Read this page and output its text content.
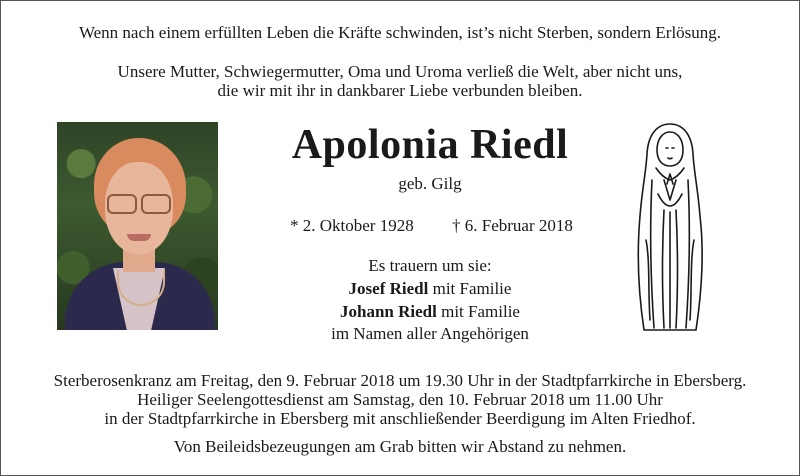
Wenn nach einem erfüllten Leben die Kräfte schwinden, ist’s nicht Sterben, sondern Erlösung.
Unsere Mutter, Schwiegermutter, Oma und Uroma verließ die Welt, aber nicht uns,
die wir mit ihr in dankbarer Liebe verbunden bleiben.
Apolonia Riedl
geb. Gilg
* 2. Oktober 1928 † 6. Februar 2018
Es trauern um sie:
Josef Riedl mit Familie
Johann Riedl mit Familie
im Namen aller Angehörigen
Sterberosenkranz am Freitag, den 9. Februar 2018 um 19.30 Uhr in der Stadtpfarrkirche in Ebersberg.
Heiliger Seelengottesdienst am Samstag, den 10. Februar 2018 um 11.00 Uhr
in der Stadtpfarrkirche in Ebersberg mit anschließender Beerdigung im Alten Friedhof.
Von Beileidsbezeugungen am Grab bitten wir Abstand zu nehmen.
